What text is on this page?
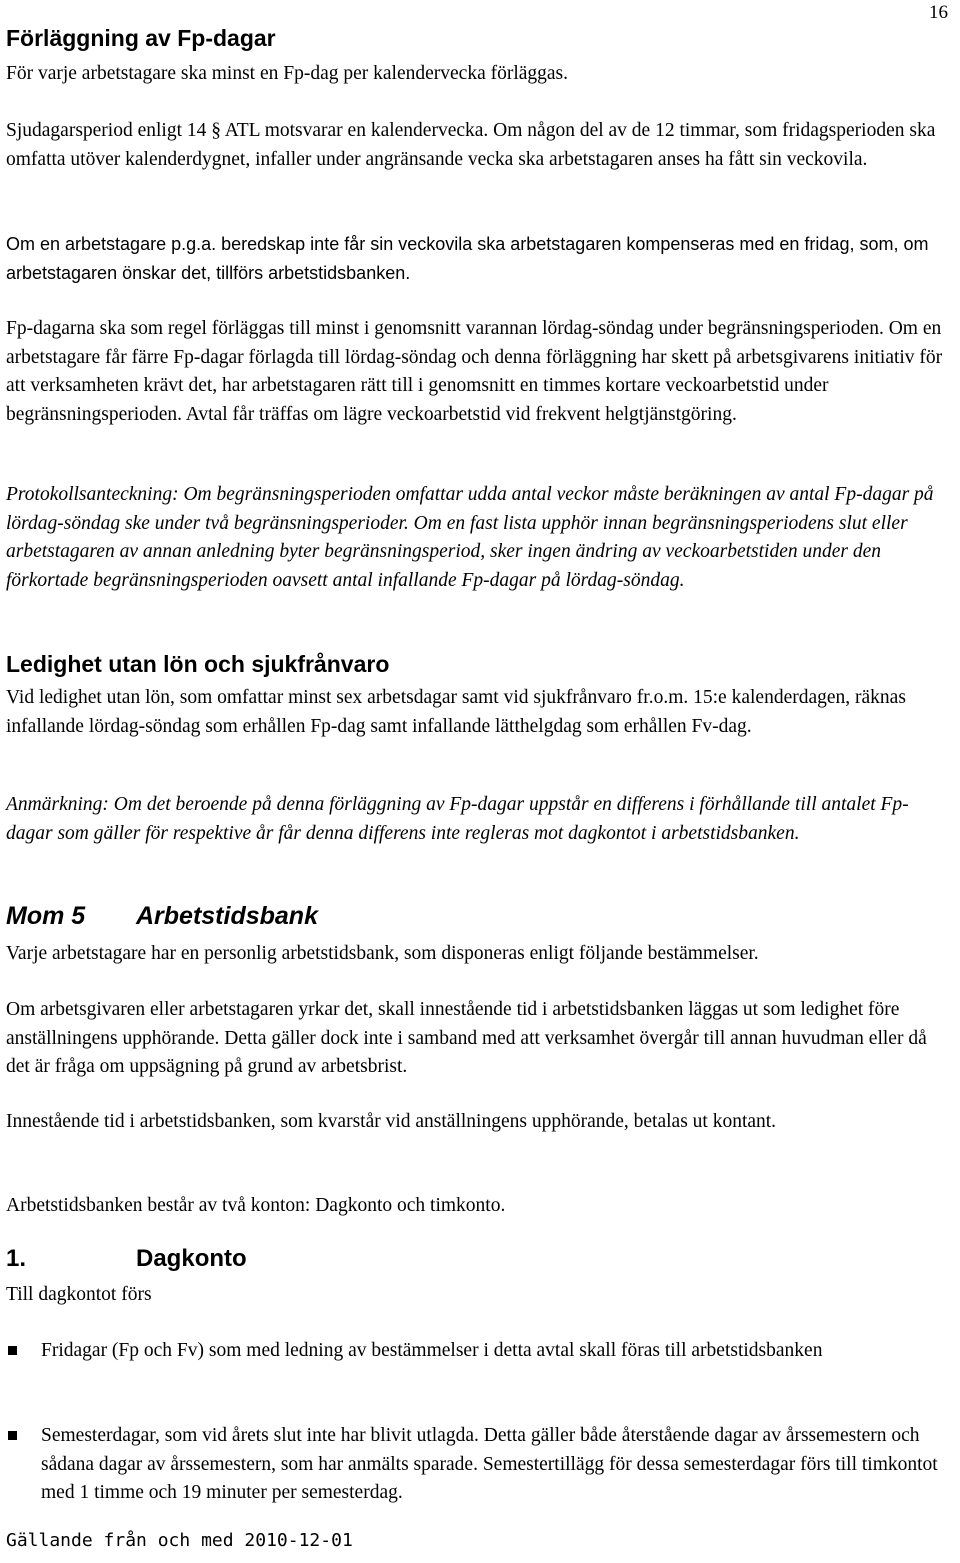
16
Förläggning av Fp-dagar

För varje arbetstagare ska minst en Fp-dag per kalendervecka förläggas.

Sjudagarsperiod enligt 14 § ATL motsvarar en kalendervecka. Om någon del av de 12 timmar, som fridagsperioden ska omfatta utöver kalenderdygnet, infaller under angränsande vecka ska arbetstagaren anses ha fått sin veckovila.

Om en arbetstagare p.g.a. beredskap inte får sin veckovila ska arbetstagaren kompenseras med en fridag, som, om arbetstagaren önskar det, tillförs arbetstidsbanken.

Fp-dagarna ska som regel förläggas till minst i genomsnitt varannan lördag-söndag under begränsningsperioden. Om en arbetstagare får färre Fp-dagar förlagda till lördag-söndag och denna förläggning har skett på arbetsgivarens initiativ för att verksamheten krävt det, har arbetstagaren rätt till i genomsnitt en timmes kortare veckoarbetstid under begränsningsperioden. Avtal får träffas om lägre veckoarbetstid vid frekvent helgtjänstgöring.

Protokollsanteckning: Om begränsningsperioden omfattar udda antal veckor måste beräkningen av antal Fp-dagar på lördag-söndag ske under två begränsningsperioder. Om en fast lista upphör innan begränsningsperiodens slut eller arbetstagaren av annan anledning byter begränsningsperiod, sker ingen ändring av veckoarbetstiden under den förkortade begränsningsperioden oavsett antal infallande Fp-dagar på lördag-söndag.

Ledighet utan lön och sjukfrånvaro

Vid ledighet utan lön, som omfattar minst sex arbetsdagar samt vid sjukfrånvaro fr.o.m. 15:e kalenderdagen, räknas infallande lördag-söndag som erhållen Fp-dag samt infallande lätthelgdag som erhållen Fv-dag.

Anmärkning: Om det beroende på denna förläggning av Fp-dagar uppstår en differens i förhållande till antalet Fp-dagar som gäller för respektive år får denna differens inte regleras mot dagkontot i arbetstidsbanken.

Mom 5 Arbetstidsbank

Varje arbetstagare har en personlig arbetstidsbank, som disponeras enligt följande bestämmelser.

Om arbetsgivaren eller arbetstagaren yrkar det, skall innestående tid i arbetstidsbanken läggas ut som ledighet före anställningens upphörande. Detta gäller dock inte i samband med att verksamhet övergår till annan huvudman eller då det är fråga om uppsägning på grund av arbetsbrist.

Innestående tid i arbetstidsbanken, som kvarstår vid anställningens upphörande, betalas ut kontant.

Arbetstidsbanken består av två konton: Dagkonto och timkonto.

1.	Dagkonto

Till dagkontot förs

Fridagar (Fp och Fv) som med ledning av bestämmelser i detta avtal skall föras till arbetstidsbanken
Semesterdagar, som vid årets slut inte har blivit utlagda. Detta gäller både återstående dagar av årssemestern och sådana dagar av årssemestern, som har anmälts sparade. Semestertillägg för dessa semesterdagar förs till timkontot med 1 timme och 19 minuter per semesterdag.
Gällande från och med 2010-12-01
